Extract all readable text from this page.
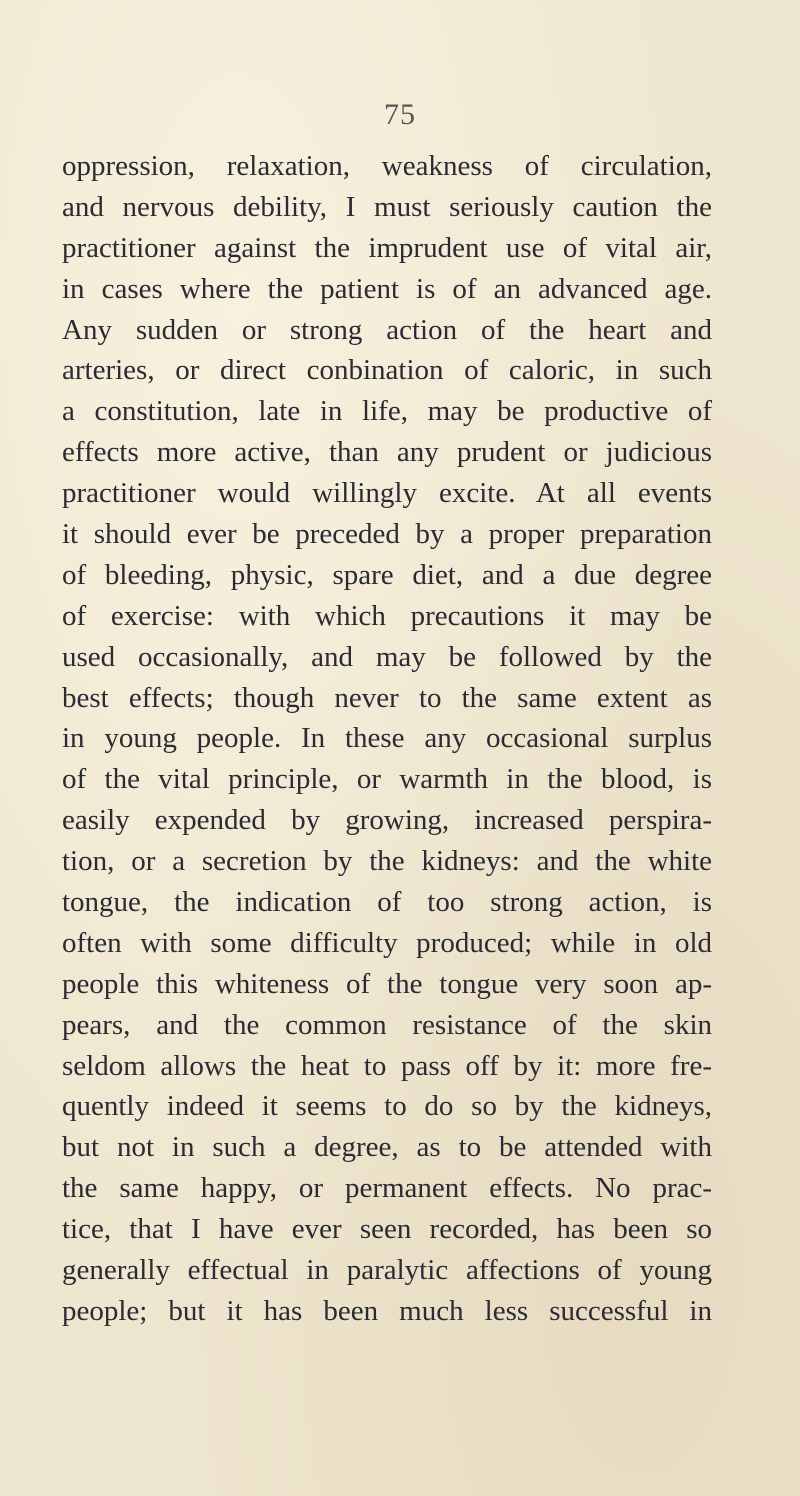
75
oppression, relaxation, weakness of circulation,
and nervous debility, I must seriously caution the
practitioner against the imprudent use of vital air,
in cases where the patient is of an advanced age.
Any sudden or strong action of the heart and
arteries, or direct conbination of caloric, in such
a constitution, late in life, may be productive of
effects more active, than any prudent or judicious
practitioner would willingly excite. At all events
it should ever be preceded by a proper preparation
of bleeding, physic, spare diet, and a due degree
of exercise: with which precautions it may be
used occasionally, and may be followed by the
best effects; though never to the same extent as
in young people. In these any occasional surplus
of the vital principle, or warmth in the blood, is
easily expended by growing, increased perspira-
tion, or a secretion by the kidneys: and the white
tongue, the indication of too strong action, is
often with some difficulty produced; while in old
people this whiteness of the tongue very soon ap-
pears, and the common resistance of the skin
seldom allows the heat to pass off by it: more fre-
quently indeed it seems to do so by the kidneys,
but not in such a degree, as to be attended with
the same happy, or permanent effects. No prac-
tice, that I have ever seen recorded, has been so
generally effectual in paralytic affections of young
people; but it has been much less successful in
